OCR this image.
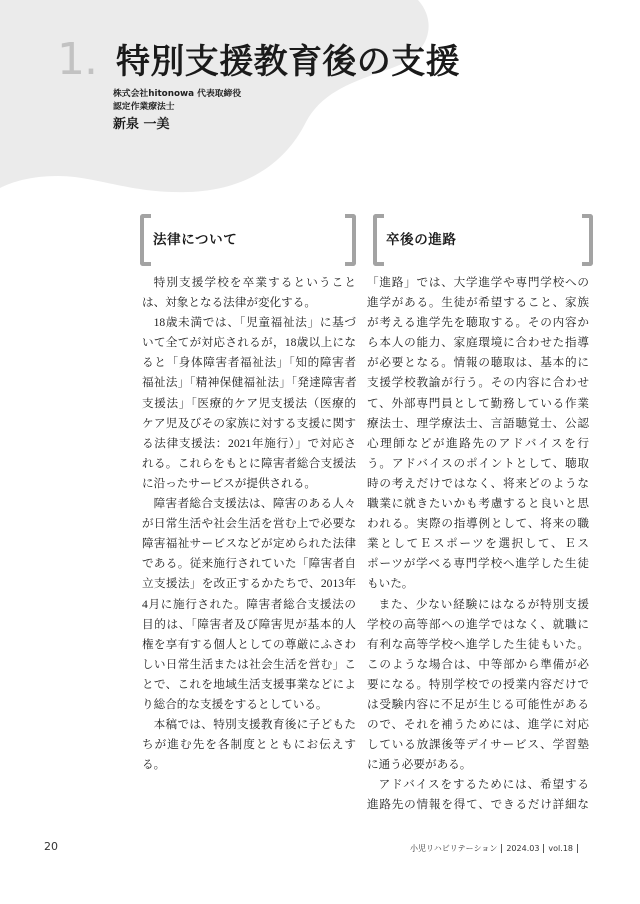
1. 特別支援教育後の支援
株式会社hitonowa 代表取締役
認定作業療法士
新泉 一美
法律について	卒後の進路
特別支援学校を卒業するということ
は、対象となる法律が変化する。
18歳未満では、「児童福祉法」に基づ
いて全てが対応されるが，18歳以上にな
ると「身体障害者福祉法」「知的障害者
福祉法」「精神保健福祉法」「発達障害者
支援法」「医療的ケア児支援法（医療的
ケア児及びその家族に対する支援に関す
る法律支援法：2021年施行）」で対応さ
れる。これらをもとに障害者総合支援法
に沿ったサービスが提供される。
障害者総合支援法は、障害のある人々
が日常生活や社会生活を営む上で必要な
障害福祉サービスなどが定められた法律
である。従来施行されていた「障害者自
立支援法」を改正するかたちで、2013年
4月に施行された。障害者総合支援法の
目的は、「障害者及び障害児が基本的人
権を享有する個人としての尊厳にふさわ
しい日常生活または社会生活を営む」こ
とで、これを地域生活支援事業などによ
り総合的な支援をするとしている。
本稿では、特別支援教育後に子どもた
ちが進む先を各制度とともにお伝えす
る。
「進路」では、大学進学や専門学校への
進学がある。生徒が希望すること、家族
が考える進学先を聴取する。その内容か
ら本人の能力、家庭環境に合わせた指導
が必要となる。情報の聴取は、基本的に
支援学校教諭が行う。その内容に合わせ
て、外部専門員として勤務している作業
療法士、理学療法士、言語聴覚士、公認
心理師などが進路先のアドバイスを行
う。アドバイスのポイントとして、聴取
時の考えだけではなく、将来どのような
職業に就きたいかも考慮すると良いと思
われる。実際の指導例として、将来の職
業としてＥスポーツを選択して、Ｅス
ポーツが学べる専門学校へ進学した生徒
もいた。
また、少ない経験にはなるが特別支援
学校の高等部への進学ではなく、就職に
有利な高等学校へ進学した生徒もいた。
このような場合は、中等部から準備が必
要になる。特別学校での授業内容だけで
は受験内容に不足が生じる可能性がある
ので、それを補うためには、進学に対応
している放課後等デイサービス、学習塾
に通う必要がある。
アドバイスをするためには、希望する
進路先の情報を得て、できるだけ詳細な
20	小児リハビリテーション 2024.03 vol.18
